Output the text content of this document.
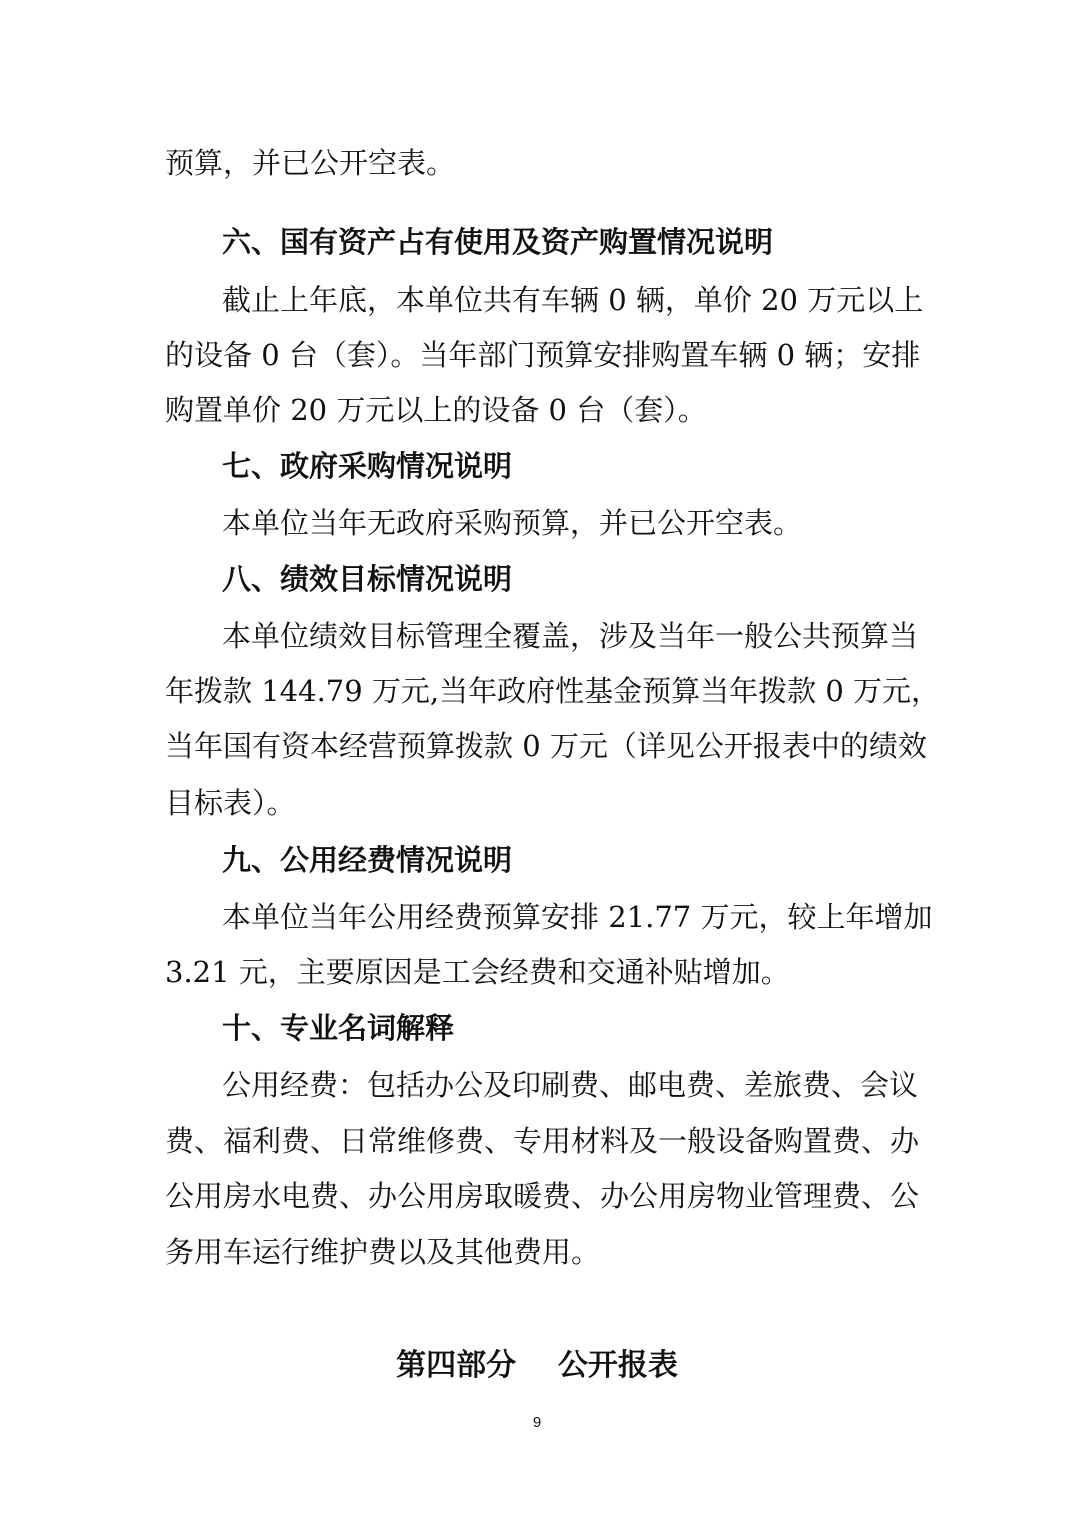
预算，并已公开空表。
六、国有资产占有使用及资产购置情况说明
截止上年底，本单位共有车辆 0 辆，单价 20 万元以上
的设备 0 台（套）。当年部门预算安排购置车辆 0 辆；安排
购置单价 20 万元以上的设备 0 台（套）。
七、政府采购情况说明
本单位当年无政府采购预算，并已公开空表。
八、绩效目标情况说明
本单位绩效目标管理全覆盖，涉及当年一般公共预算当
年拨款 144.79 万元,当年政府性基金预算当年拨款 0 万元，
当年国有资本经营预算拨款 0 万元（详见公开报表中的绩效
目标表）。
九、公用经费情况说明
本单位当年公用经费预算安排 21.77 万元，较上年增加
3.21 元，主要原因是工会经费和交通补贴增加。
十、专业名词解释
公用经费：包括办公及印刷费、邮电费、差旅费、会议
费、福利费、日常维修费、专用材料及一般设备购置费、办
公用房水电费、办公用房取暖费、办公用房物业管理费、公
务用车运行维护费以及其他费用。
第四部分    公开报表
9
